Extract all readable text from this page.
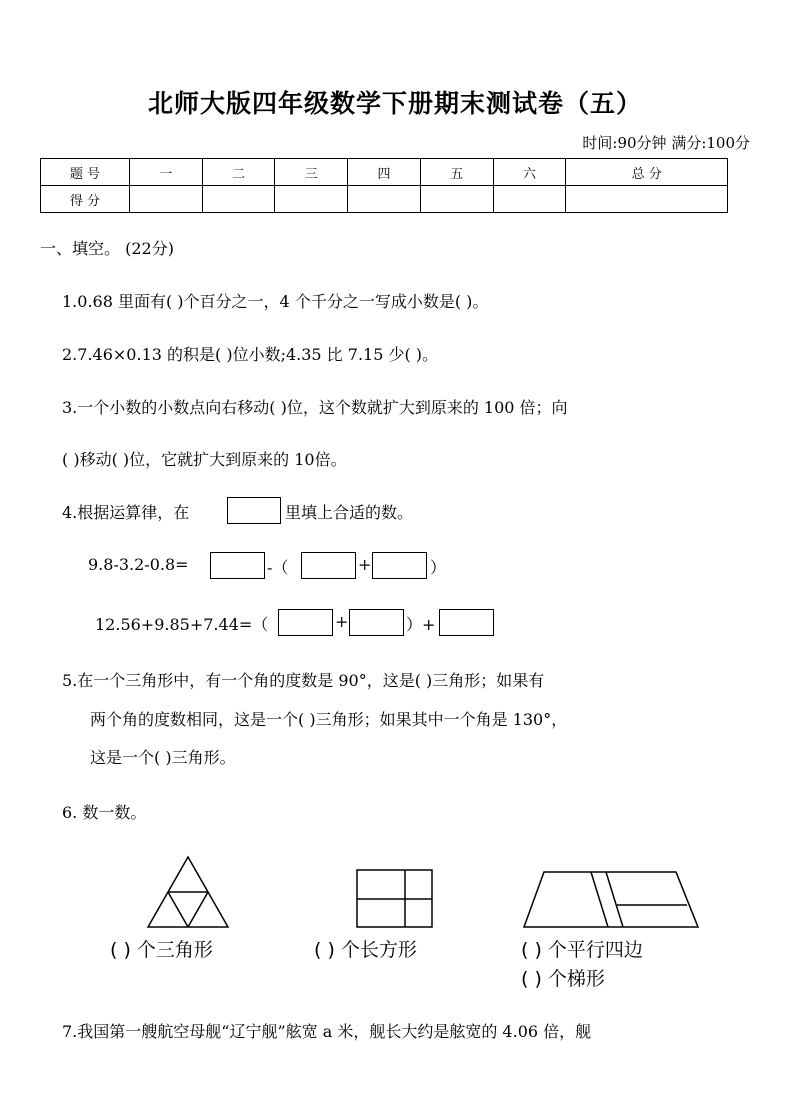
北师大版四年级数学下册期末测试卷（五）
时间:90分钟 满分:100分
题 号	一	二	三	四	五	六	总 分
得 分							
一、填空。 (22分)
1.0.68 里面有( )个百分之一，4 个千分之一写成小数是( )。
2.7.46×0.13 的积是( )位小数;4.35 比 7.15 少( )。
3.一个小数的小数点向右移动( )位，这个数就扩大到原来的 100 倍；向
( )移动( )位，它就扩大到原来的 10倍。
4.根据运算律，在	里填上合适的数。
9.8-3.2-0.8=	-（	+	）
12.56+9.85+7.44=（	+	）+
5.在一个三角形中，有一个角的度数是 90°，这是( )三角形；如果有
两个角的度数相同，这是一个( )三角形；如果其中一个角是 130°，
这是一个( )三角形。
6. 数一数。
( ) 个三角形	( ) 个长方形	( ) 个平行四边
( ) 个梯形
7.我国第一艘航空母舰“辽宁舰”舷宽 a 米，舰长大约是舷宽的 4.06 倍，舰
